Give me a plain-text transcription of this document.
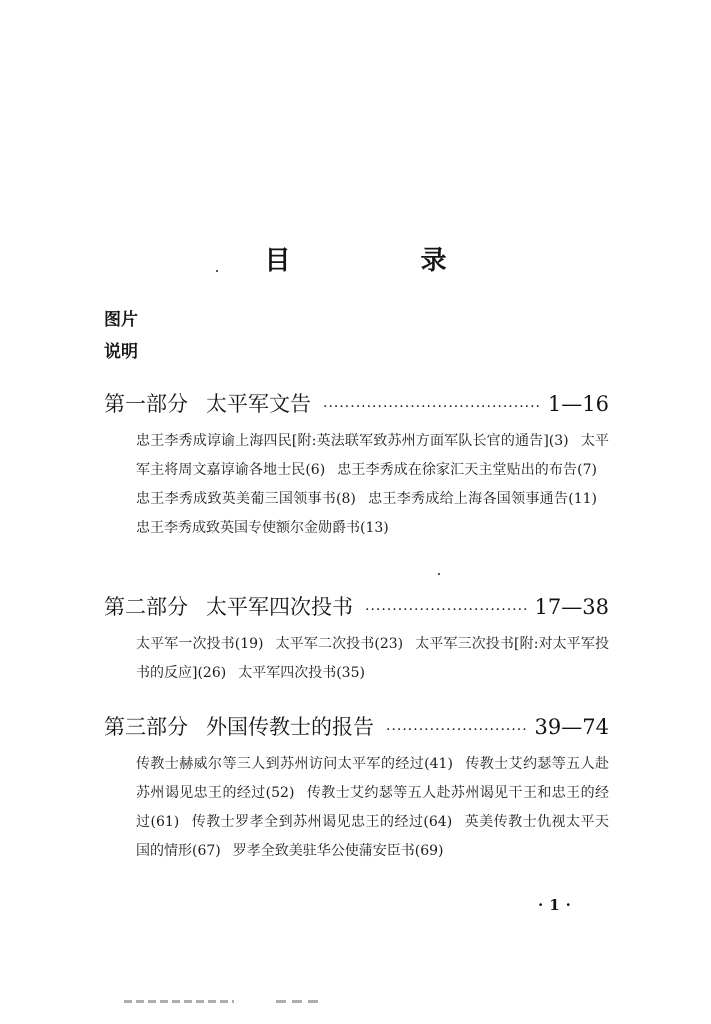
目　录
图片
说明
第一部分 太平军文告 ·····	1—16
忠王李秀成谆谕上海四民[附:英法联军致苏州方面军队长官的通告](3) 太平军主将周文嘉谆谕各地士民(6) 忠王李秀成在徐家汇天主堂贴出的布告(7)忠王李秀成致英美葡三国领事书(8) 忠王李秀成给上海各国领事通告(11)忠王李秀成致英国专使额尔金勋爵书(13)
第二部分 太平军四次投书 ·····	17—38
太平军一次投书(19) 太平军二次投书(23) 太平军三次投书[附:对太平军投书的反应](26) 太平军四次投书(35)
第三部分 外国传教士的报告 ·····	39—74
传教士赫威尔等三人到苏州访问太平军的经过(41) 传教士艾约瑟等五人赴苏州谒见忠王的经过(52) 传教士艾约瑟等五人赴苏州谒见干王和忠王的经过(61) 传教士罗孝全到苏州谒见忠王的经过(64) 英美传教士仇视太平天国的情形(67) 罗孝全致美驻华公使蒲安臣书(69)
·1·
